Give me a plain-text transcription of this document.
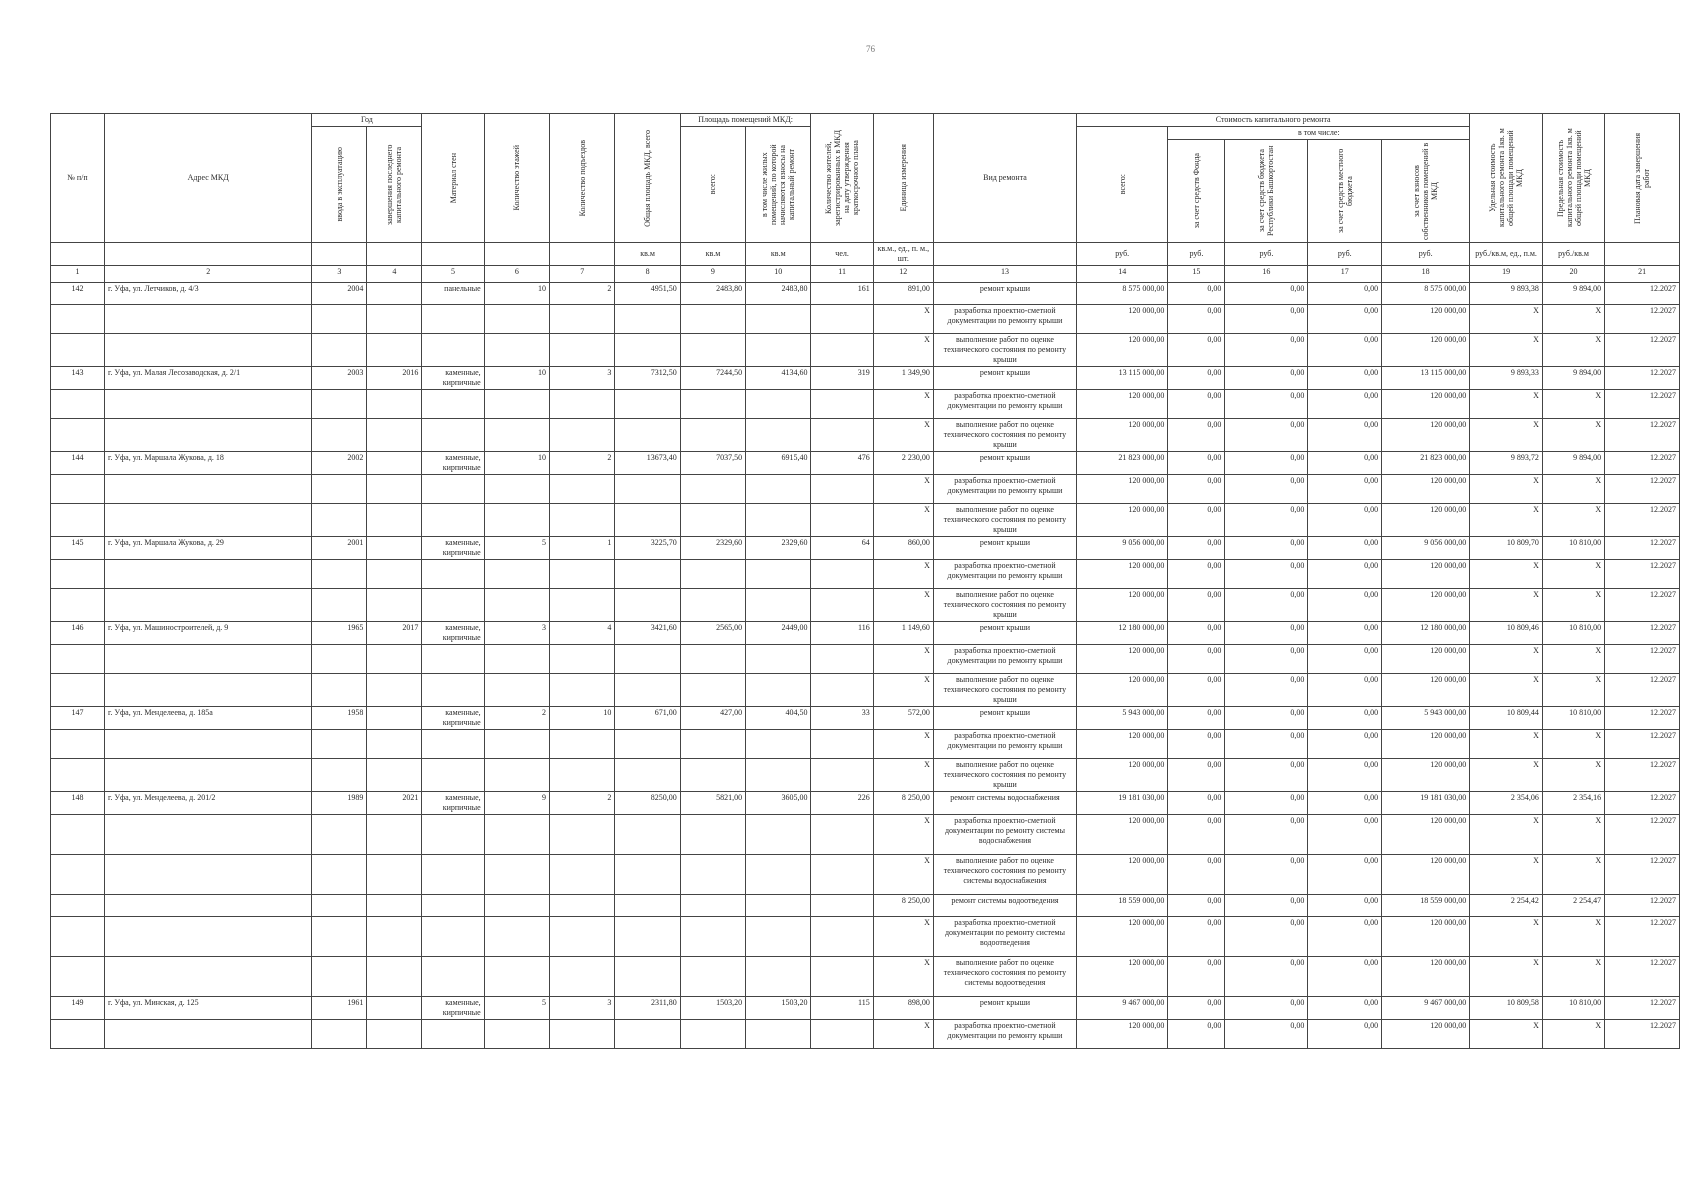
76
№ п/п	Адрес МКД	Год		Материал стен	Количество этажей	Количество подъездов	Общая площадь МКД, всего	Площадь помещений МКД:		Количество жителей, зарегистрированных в МКД на дату утверждения краткосрочного плана	Единица измерения	Вид ремонта	Стоимость капитального ремонта					Удельная стоимость капитального ремонта 1кв. м общей площади помещений МКД	Предельная стоимость капитального ремонта 1кв. м общей площади помещений МКД	Плановая дата завершения работ

		ввода в эксплуатацию	завершения последнего капитального ремонта					всего:	в том числе жилых помещений, по которой начисляются взносы на капитальный ремонт				всего:	в том числе:						

														за счет средств Фонда	за счет средств бюджета Республики Башкортостан	за счет средств местного бюджета	за счет взносов собственников помещений в МКД			

							кв.м	кв.м	кв.м	чел.	кв.м., ед., п. м., шт.		руб.	руб.	руб.	руб.	руб.	руб./кв.м, ед., п.м.	руб./кв.м	
1	2	3	4	5	6	7	8	9	10	11	12	13	14	15	16	17	18	19	20	21
142	г. Уфа, ул. Летчиков, д. 4/3	2004		панельные	10	2	4951,50	2483,80	2483,80	161	891,00	ремонт крыши	8 575 000,00	0,00	0,00	0,00	8 575 000,00	9 893,38	9 894,00	12.2027
											X	разработка проектно-сметной документации по ремонту крыши	120 000,00	0,00	0,00	0,00	120 000,00	X	X	12.2027
											X	выполнение работ по оценке технического состояния по ремонту крыши	120 000,00	0,00	0,00	0,00	120 000,00	X	X	12.2027
143	г. Уфа, ул. Малая Лесозаводская, д. 2/1	2003	2016	каменные, кирпичные	10	3	7312,50	7244,50	4134,60	319	1 349,90	ремонт крыши	13 115 000,00	0,00	0,00	0,00	13 115 000,00	9 893,33	9 894,00	12.2027
											X	разработка проектно-сметной документации по ремонту крыши	120 000,00	0,00	0,00	0,00	120 000,00	X	X	12.2027
											X	выполнение работ по оценке технического состояния по ремонту крыши	120 000,00	0,00	0,00	0,00	120 000,00	X	X	12.2027
144	г. Уфа, ул. Маршала Жукова, д. 18	2002		каменные, кирпичные	10	2	13673,40	7037,50	6915,40	476	2 230,00	ремонт крыши	21 823 000,00	0,00	0,00	0,00	21 823 000,00	9 893,72	9 894,00	12.2027
											X	разработка проектно-сметной документации по ремонту крыши	120 000,00	0,00	0,00	0,00	120 000,00	X	X	12.2027
											X	выполнение работ по оценке технического состояния по ремонту крыши	120 000,00	0,00	0,00	0,00	120 000,00	X	X	12.2027
145	г. Уфа, ул. Маршала Жукова, д. 29	2001		каменные, кирпичные	5	1	3225,70	2329,60	2329,60	64	860,00	ремонт крыши	9 056 000,00	0,00	0,00	0,00	9 056 000,00	10 809,70	10 810,00	12.2027
											X	разработка проектно-сметной документации по ремонту крыши	120 000,00	0,00	0,00	0,00	120 000,00	X	X	12.2027
											X	выполнение работ по оценке технического состояния по ремонту крыши	120 000,00	0,00	0,00	0,00	120 000,00	X	X	12.2027
146	г. Уфа, ул. Машиностроителей, д. 9	1965	2017	каменные, кирпичные	3	4	3421,60	2565,00	2449,00	116	1 149,60	ремонт крыши	12 180 000,00	0,00	0,00	0,00	12 180 000,00	10 809,46	10 810,00	12.2027
											X	разработка проектно-сметной документации по ремонту крыши	120 000,00	0,00	0,00	0,00	120 000,00	X	X	12.2027
											X	выполнение работ по оценке технического состояния по ремонту крыши	120 000,00	0,00	0,00	0,00	120 000,00	X	X	12.2027
147	г. Уфа, ул. Менделеева, д. 185а	1958		каменные, кирпичные	2	10	671,00	427,00	404,50	33	572,00	ремонт крыши	5 943 000,00	0,00	0,00	0,00	5 943 000,00	10 809,44	10 810,00	12.2027
											X	разработка проектно-сметной документации по ремонту крыши	120 000,00	0,00	0,00	0,00	120 000,00	X	X	12.2027
											X	выполнение работ по оценке технического состояния по ремонту крыши	120 000,00	0,00	0,00	0,00	120 000,00	X	X	12.2027
148	г. Уфа, ул. Менделеева, д. 201/2	1989	2021	каменные, кирпичные	9	2	8250,00	5821,00	3605,00	226	8 250,00	ремонт системы водоснабжения	19 181 030,00	0,00	0,00	0,00	19 181 030,00	2 354,06	2 354,16	12.2027
											X	разработка проектно-сметной документации по ремонту системы водоснабжения	120 000,00	0,00	0,00	0,00	120 000,00	X	X	12.2027
											X	выполнение работ по оценке технического состояния по ремонту системы водоснабжения	120 000,00	0,00	0,00	0,00	120 000,00	X	X	12.2027
											8 250,00	ремонт системы водоотведения	18 559 000,00	0,00	0,00	0,00	18 559 000,00	2 254,42	2 254,47	12.2027
											X	разработка проектно-сметной документации по ремонту системы водоотведения	120 000,00	0,00	0,00	0,00	120 000,00	X	X	12.2027
											X	выполнение работ по оценке технического состояния по ремонту системы водоотведения	120 000,00	0,00	0,00	0,00	120 000,00	X	X	12.2027
149	г. Уфа, ул. Минская, д. 125	1961		каменные, кирпичные	5	3	2311,80	1503,20	1503,20	115	898,00	ремонт крыши	9 467 000,00	0,00	0,00	0,00	9 467 000,00	10 809,58	10 810,00	12.2027
											X	разработка проектно-сметной документации по ремонту крыши	120 000,00	0,00	0,00	0,00	120 000,00	X	X	12.2027
